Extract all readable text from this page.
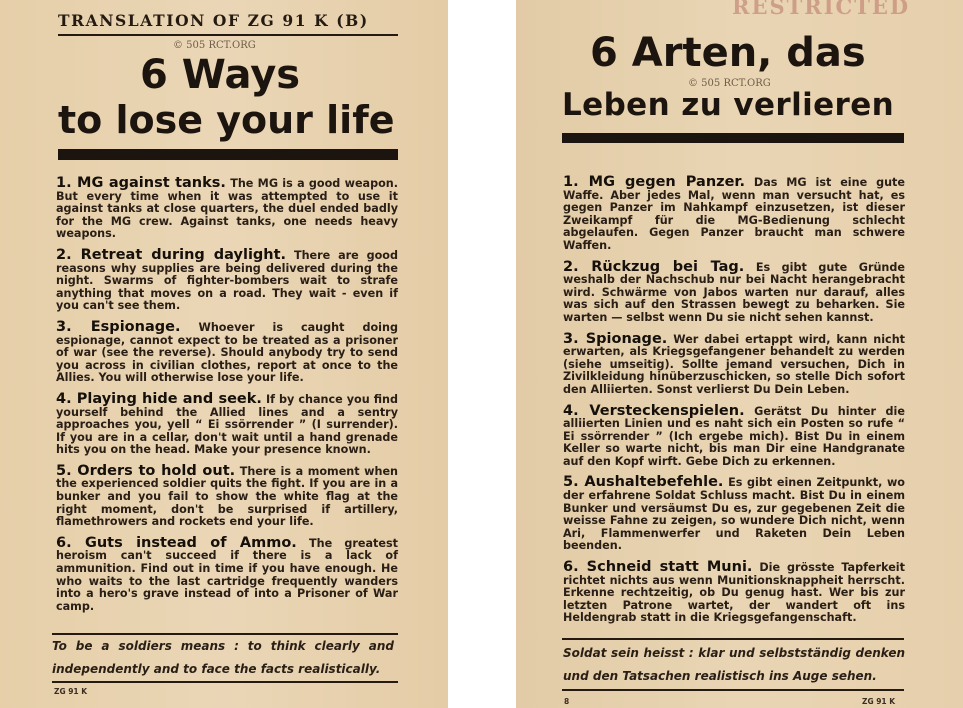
TRANSLATION OF ZG 91 K (B)
© 505 RCT.ORG
6 Ways
to lose your life

1. MG against tanks. The MG is a good weapon. But every time when it was attempted to use it against tanks at close quarters, the duel ended badly for the MG crew. Against tanks, one needs heavy weapons.

2. Retreat during daylight. There are good reasons why supplies are being delivered during the night. Swarms of fighter-bombers wait to strafe anything that moves on a road. They wait - even if you can't see them.

3. Espionage. Whoever is caught doing espionage, cannot expect to be treated as a prisoner of war (see the reverse). Should anybody try to send you across in civilian clothes, report at once to the Allies. You will otherwise lose your life.

4. Playing hide and seek. If by chance you find yourself behind the Allied lines and a sentry approaches you, yell “ Ei ssörrender ” (I surrender). If you are in a cellar, don't wait until a hand grenade hits you on the head. Make your presence known.

5. Orders to hold out. There is a moment when the experienced soldier quits the fight. If you are in a bunker and you fail to show the white flag at the right moment, don't be surprised if artillery, flamethrowers and rockets end your life.

6. Guts instead of Ammo. The greatest heroism can't succeed if there is a lack of ammunition. Find out in time if you have enough. He who waits to the last cartridge frequently wanders into a hero's grave instead of into a Prisoner of War camp.

To be a soldiers means : to think clearly and independently and to face the facts realistically.
ZG 91 K
© 505 RCT.ORG
6 Arten, das
Leben zu verlieren

1. MG gegen Panzer. Das MG ist eine gute Waffe. Aber jedes Mal, wenn man versucht hat, es gegen Panzer im Nahkampf einzusetzen, ist dieser Zweikampf für die MG-Bedienung schlecht abgelaufen. Gegen Panzer braucht man schwere Waffen.

2. Rückzug bei Tag. Es gibt gute Gründe weshalb der Nachschub nur bei Nacht herangebracht wird. Schwärme von Jabos warten nur darauf, alles was sich auf den Strassen bewegt zu beharken. Sie warten — selbst wenn Du sie nicht sehen kannst.

3. Spionage. Wer dabei ertappt wird, kann nicht erwarten, als Kriegsgefangener behandelt zu werden (siehe umseitig). Sollte jemand versuchen, Dich in Zivilkleidung hinüberzuschicken, so stelle Dich sofort den Alliierten. Sonst verlierst Du Dein Leben.

4. Versteckenspielen. Gerätst Du hinter die alliierten Linien und es naht sich ein Posten so rufe “ Ei ssörrender ” (Ich ergebe mich). Bist Du in einem Keller so warte nicht, bis man Dir eine Handgranate auf den Kopf wirft. Gebe Dich zu erkennen.

5. Aushaltebefehle. Es gibt einen Zeitpunkt, wo der erfahrene Soldat Schluss macht. Bist Du in einem Bunker und versäumst Du es, zur gegebenen Zeit die weisse Fahne zu zeigen, so wundere Dich nicht, wenn Ari, Flammenwerfer und Raketen Dein Leben beenden.

6. Schneid statt Muni. Die grösste Tapferkeit richtet nichts aus wenn Munitionsknappheit herrscht. Erkenne rechtzeitig, ob Du genug hast. Wer bis zur letzten Patrone wartet, der wandert oft ins Heldengrab statt in die Kriegsgefangenschaft.

Soldat sein heisst : klar und selbstständig denken und den Tatsachen realistisch ins Auge sehen.
8	ZG 91 K
RESTRICTED
